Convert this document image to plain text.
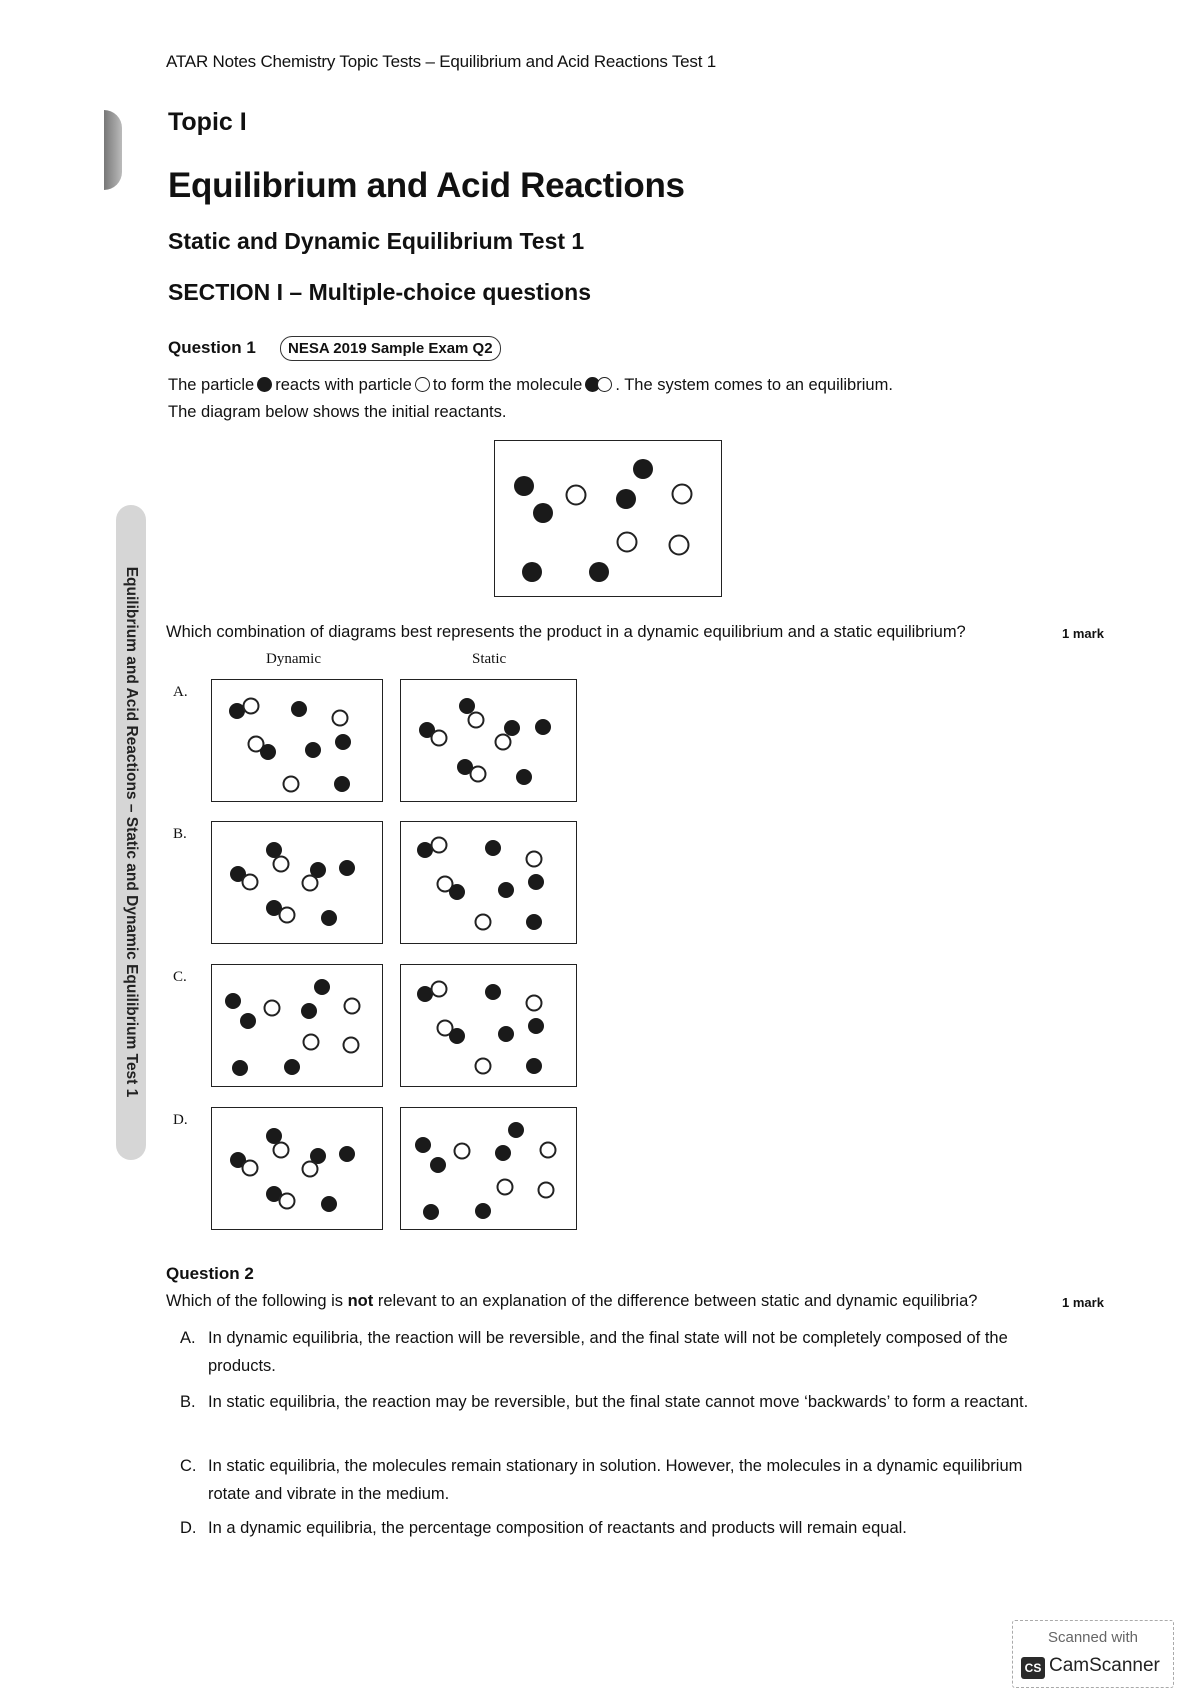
ATAR Notes Chemistry Topic Tests – Equilibrium and Acid Reactions Test 1
Topic I
Equilibrium and Acid Reactions
Static and Dynamic Equilibrium Test 1
SECTION I – Multiple-choice questions
Equilibrium and Acid Reactions – Static and Dynamic Equilibrium Test 1
Question 1	NESA 2019 Sample Exam Q2
The particle reacts with particle to form the molecule . The system comes to an equilibrium.
The diagram below shows the initial reactants.
Which combination of diagrams best represents the product in a dynamic equilibrium and a static equilibrium?	1 mark
Dynamic	Static
A.
B.
C.
D.
Question 2
Which of the following is not relevant to an explanation of the difference between static and dynamic equilibria?	1 mark
A. In dynamic equilibria, the reaction will be reversible, and the final state will not be completely composed of the products.
B. In static equilibria, the reaction may be reversible, but the final state cannot move ‘backwards’ to form a reactant.
C. In static equilibria, the molecules remain stationary in solution. However, the molecules in a dynamic equilibrium rotate and vibrate in the medium.
D. In a dynamic equilibria, the percentage composition of reactants and products will remain equal.
Scanned with
CS CamScanner
